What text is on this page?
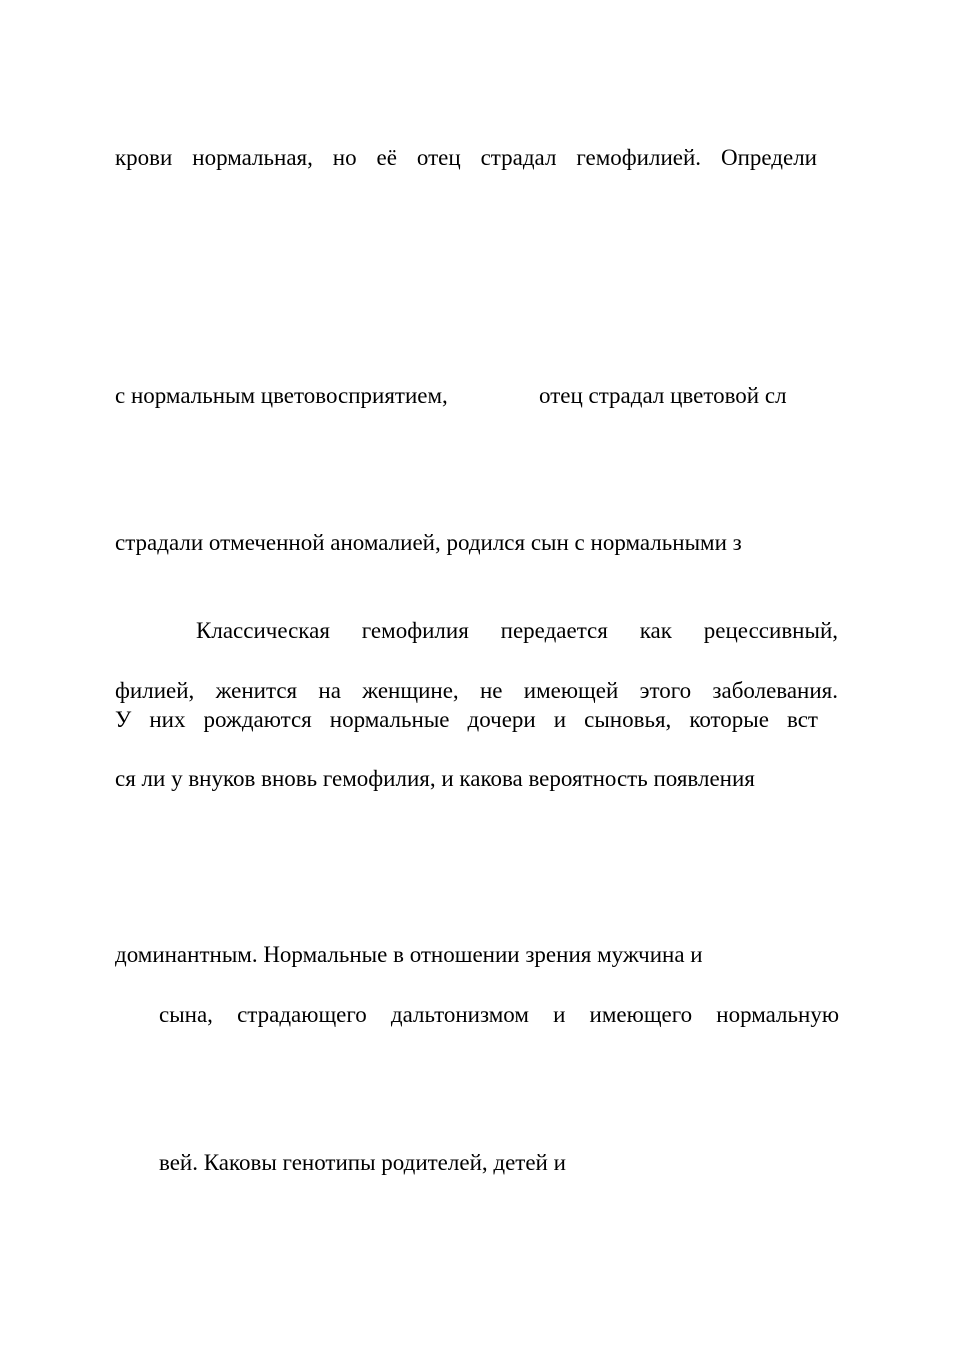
крови нормальная, но её отец страдал гемофилией. Определи

с нормальным цветовосприятием,	отец страдал цветовой сл

страдали отмеченной аномалией, родился сын с нормальными з

Классическая гемофилия передается как рецессивный,

филией, женится на женщине, не имеющей этого заболевания.

У них рождаются нормальные дочери и сыновья, которые вст

ся ли у внуков вновь гемофилия, и какова вероятность появления

доминантным. Нормальные в отношении зрения мужчина и

сына, страдающего дальтонизмом и имеющего нормальную

вей. Каковы генотипы родителей, детей и
